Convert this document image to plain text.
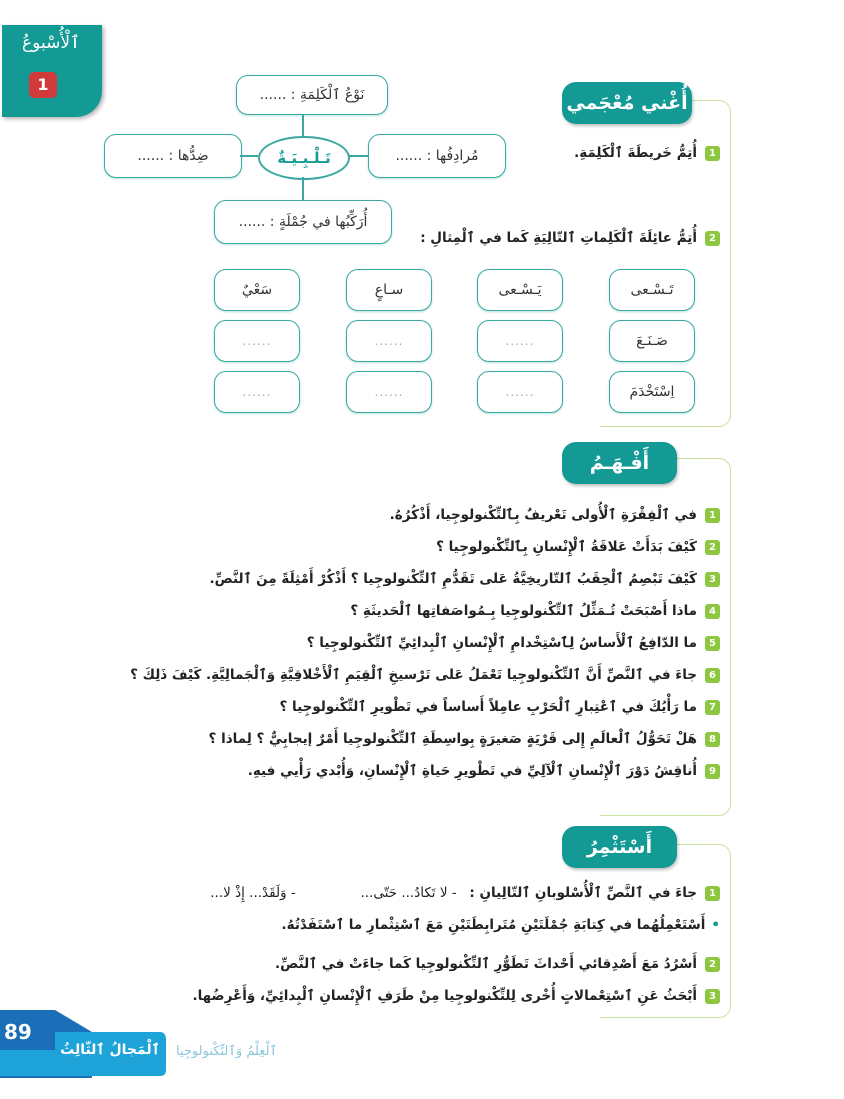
ٱلْأُسْبوعُ
1
أُغْني مُعْجَمي
1أُتِمُّ خَريطَةَ ٱلْكَلِمَةِ.
نَوْعُ ٱلْكَلِمَةِ : ......
مُرادِفُها : ......
ضِدُّها : ......
أُرَكِّبُها في جُمْلَةٍ : ......
تَـلْـبِـيَـةٌ
2أُتِمُّ عائِلَةَ ٱلْكَلِماتِ ٱلتّالِيَةِ كَما في ٱلْمِثالِ :
تَـسْـعى
يَـسْـعى
سـاعٍ
سَعْيٌ
صَـنَـعَ
......
......
......
اِسْتَخْدَمَ
......
......
......
أَفْـهَـمُ
1في ٱلْفِقْرَةِ ٱلْأُولى تَعْريفٌ بِٱلتِّكْنولوجِيا، أَذْكُرُهُ.
2كَيْفَ بَدَأَتْ عَلاقَةُ ٱلْإِنْسانِ بِٱلتِّكْنولوجِيا ؟
3كَيْفَ تَبْصِمُ ٱلْحِقَبُ ٱلتّاريخِيَّةُ عَلى تَقَدُّمِ ٱلتِّكْنولوجِيا ؟ أَذْكُرْ أَمْثِلَةً مِنَ ٱلنَّصِّ.
4ماذا أَصْبَحَتْ تُـمَثِّلُ ٱلتِّكْنولوجِيا بِـمُواصَفاتِها ٱلْحَديثَةِ ؟
5ما الدّافِعُ ٱلْأَساسُ لِٱسْتِخْدامِ ٱلْإِنْسانِ ٱلْبِدائِيِّ ٱلتِّكْنولوجِيا ؟
6جاءَ في ٱلنَّصِّ أَنَّ ٱلتِّكْنولوجِيا تَعْمَلُ عَلى تَرْسيخِ ٱلْقِيَمِ ٱلْأَخْلاقِيَّةِ وَٱلْجَمالِيَّةِ. كَيْفَ ذَلِكَ ؟
7ما رَأْيُكَ في ٱعْتِبارِ ٱلْحَرْبِ عامِلاً أَساساً في تَطْويرِ ٱلتِّكْنولوجِيا ؟
8هَلْ تَحَوُّلُ ٱلْعالَمِ إِلى قَرْيَةٍ صَغيرَةٍ بِواسِطَةِ ٱلتِّكْنولوجِيا أَمْرٌ إيجابِيٌّ ؟ لِماذا ؟
9أُناقِشُ دَوْرَ ٱلْإِنْسانِ ٱلْآلِيِّ في تَطْويرِ حَياةِ ٱلْإِنْسانِ، وَأُبْدي رَأْيي فيهِ.
أَسْتَثْمِرُ
1جاءَ في ٱلنَّصِّ ٱلْأُسْلوبانِ ٱلتّالِيانِ : - لا تَكادُ... حَتّى... - وَلَقَدْ... إِذْ لا...
•أَسْتَعْمِلُهُما في كِتابَةِ جُمْلَتَيْنِ مُتَرابِطَتَيْنِ مَعَ ٱسْتِثْمارِ ما ٱسْتَفَدْتُهُ.
2أَسْرُدُ مَعَ أَصْدِقائي أَحْداثَ تَطَوُّرِ ٱلتِّكْنولوجِيا كَما جاءَتْ في ٱلنَّصِّ.
3أَبْحَثُ عَنِ ٱسْتِعْمالاتٍ أُخْرى لِلتِّكْنولوجِيا مِنْ طَرَفِ ٱلْإِنْسانِ ٱلْبِدائِيِّ، وَأَعْرِضُها.
89
ٱلْمَجالُ ٱلثّالِثُ	ٱلْعِلْمُ وَٱلتِّكْنولوجِيا
